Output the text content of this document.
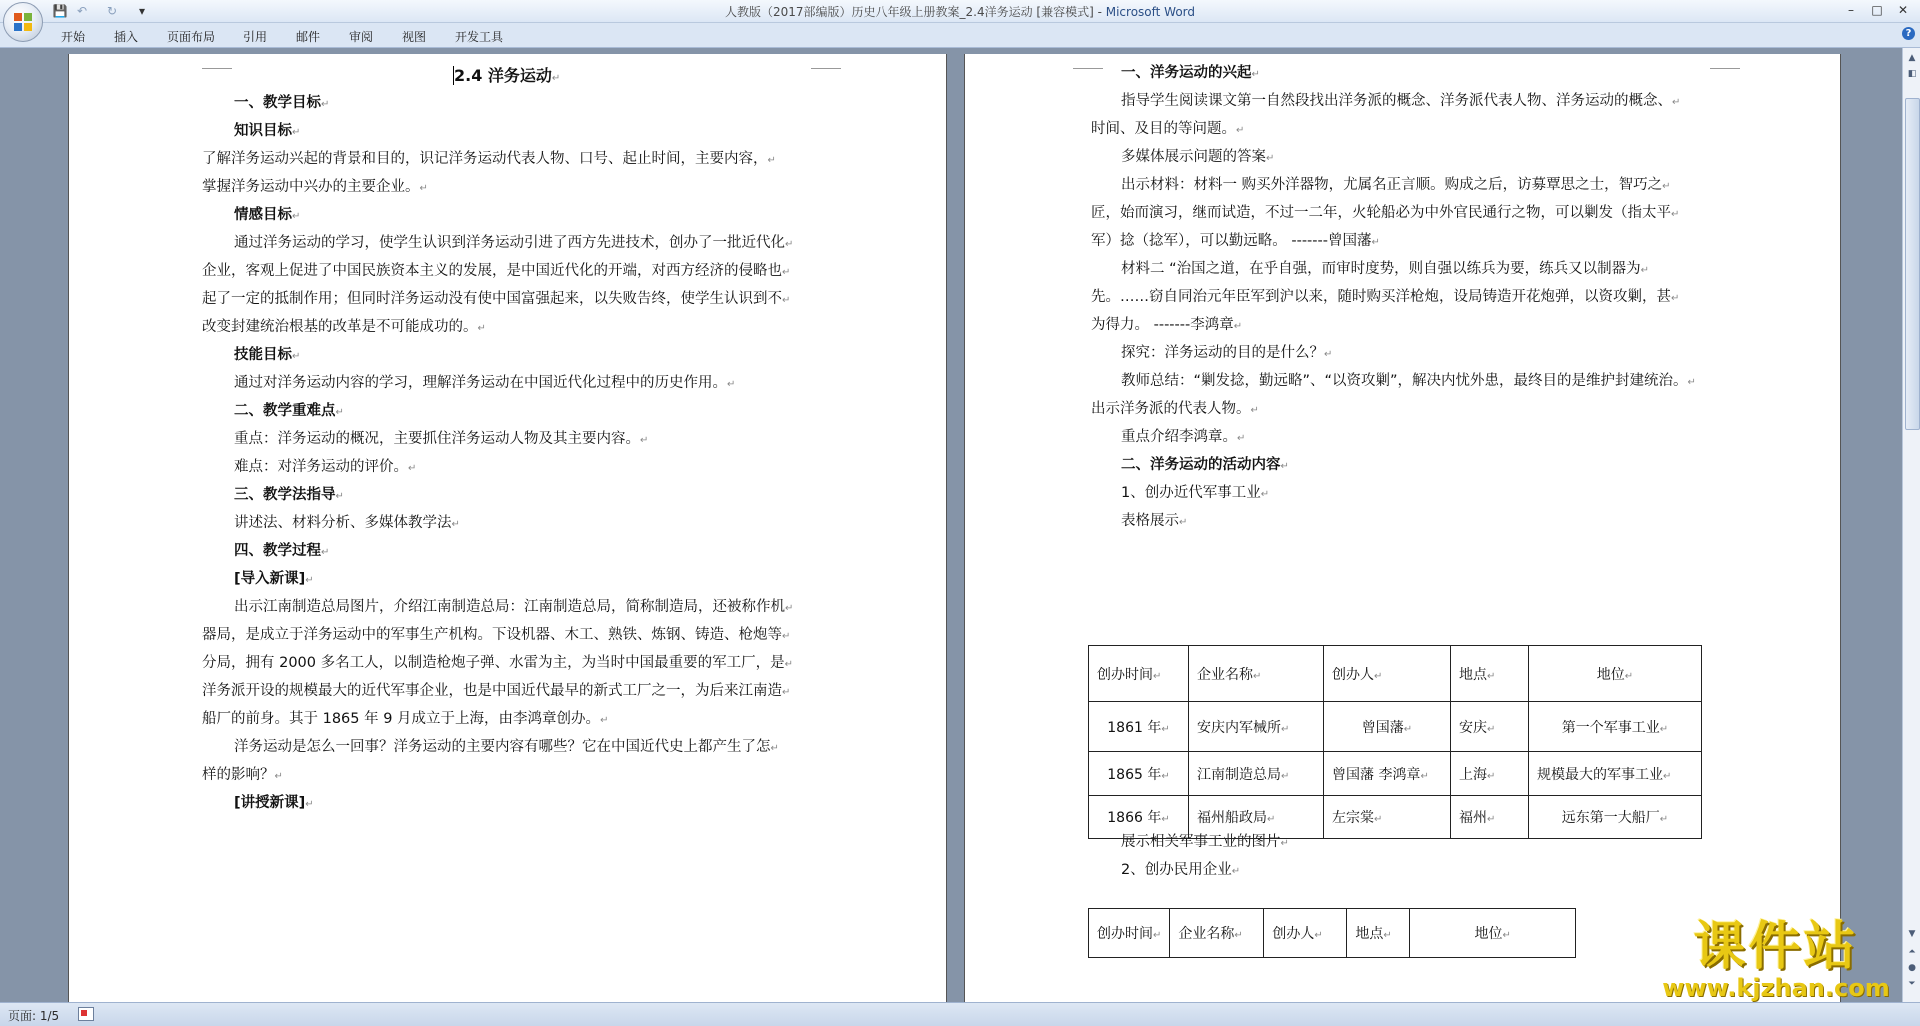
💾 ↶ ↻ ▾	人教版（2017部编版）历史八年级上册教案_2.4洋务运动 [兼容模式] - Microsoft Word	–	□	✕
开始 插入 页面布局 引用 邮件 审阅 视图 开发工具	?
2.4 洋务运动↵
一、教学目标↵
知识目标↵
了解洋务运动兴起的背景和目的，识记洋务运动代表人物、口号、起止时间，主要内容，↵
掌握洋务运动中兴办的主要企业。↵
情感目标↵
通过洋务运动的学习，使学生认识到洋务运动引进了西方先进技术，创办了一批近代化↵
企业，客观上促进了中国民族资本主义的发展，是中国近代化的开端，对西方经济的侵略也↵
起了一定的抵制作用；但同时洋务运动没有使中国富强起来，以失败告终，使学生认识到不↵
改变封建统治根基的改革是不可能成功的。↵
技能目标↵
通过对洋务运动内容的学习，理解洋务运动在中国近代化过程中的历史作用。↵
二、教学重难点↵
重点：洋务运动的概况，主要抓住洋务运动人物及其主要内容。↵
难点：对洋务运动的评价。↵
三、教学法指导↵
讲述法、材料分析、多媒体教学法↵
四、教学过程↵
[导入新课]↵
出示江南制造总局图片，介绍江南制造总局：江南制造总局，简称制造局，还被称作机↵
器局，是成立于洋务运动中的军事生产机构。下设机器、木工、熟铁、炼钢、铸造、枪炮等↵
分局，拥有 2000 多名工人，以制造枪炮子弹、水雷为主，为当时中国最重要的军工厂，是↵
洋务派开设的规模最大的近代军事企业，也是中国近代最早的新式工厂之一，为后来江南造↵
船厂的前身。其于 1865 年 9 月成立于上海，由李鸿章创办。↵
洋务运动是怎么一回事？洋务运动的主要内容有哪些？它在中国近代史上都产生了怎↵
样的影响？↵
[讲授新课]↵
一、洋务运动的兴起↵
指导学生阅读课文第一自然段找出洋务派的概念、洋务派代表人物、洋务运动的概念、↵
时间、及目的等问题。↵
多媒体展示问题的答案↵
出示材料：材料一 购买外洋器物，尤属名正言顺。购成之后，访募覃思之士，智巧之↵
匠，始而演习，继而试造，不过一二年，火轮船必为中外官民通行之物，可以剿发（指太平↵
军）捻（捻军），可以勤远略。 -------曾国藩↵
材料二 “治国之道，在乎自强，而审时度势，则自强以练兵为要，练兵又以制器为↵
先。……窃自同治元年臣军到沪以来，随时购买洋枪炮，设局铸造开花炮弹，以资攻剿，甚↵
为得力。 -------李鸿章↵
探究：洋务运动的目的是什么？↵
教师总结：“剿发捻，勤远略”、“以资攻剿”，解决内忧外患，最终目的是维护封建统治。↵
出示洋务派的代表人物。↵
重点介绍李鸿章。↵
二、洋务运动的活动内容↵
1、创办近代军事工业↵
表格展示↵
展示相关军事工业的图片↵
2、创办民用企业↵
创办时间↵	企业名称↵	创办人↵	地点↵	地位↵
1861 年↵	安庆内军械所↵	曾国藩↵	安庆↵	第一个军事工业↵
1865 年↵	江南制造总局↵	曾国藩 李鸿章↵	上海↵	规模最大的军事工业↵
1866 年↵	福州船政局↵	左宗棠↵	福州↵	远东第一大船厂↵
创办时间↵	企业名称↵	创办人↵	地点↵	地位↵
▲
◧
▼
⏶
●
⏷
课件站
www.kjzhan.com
页面: 1/5
